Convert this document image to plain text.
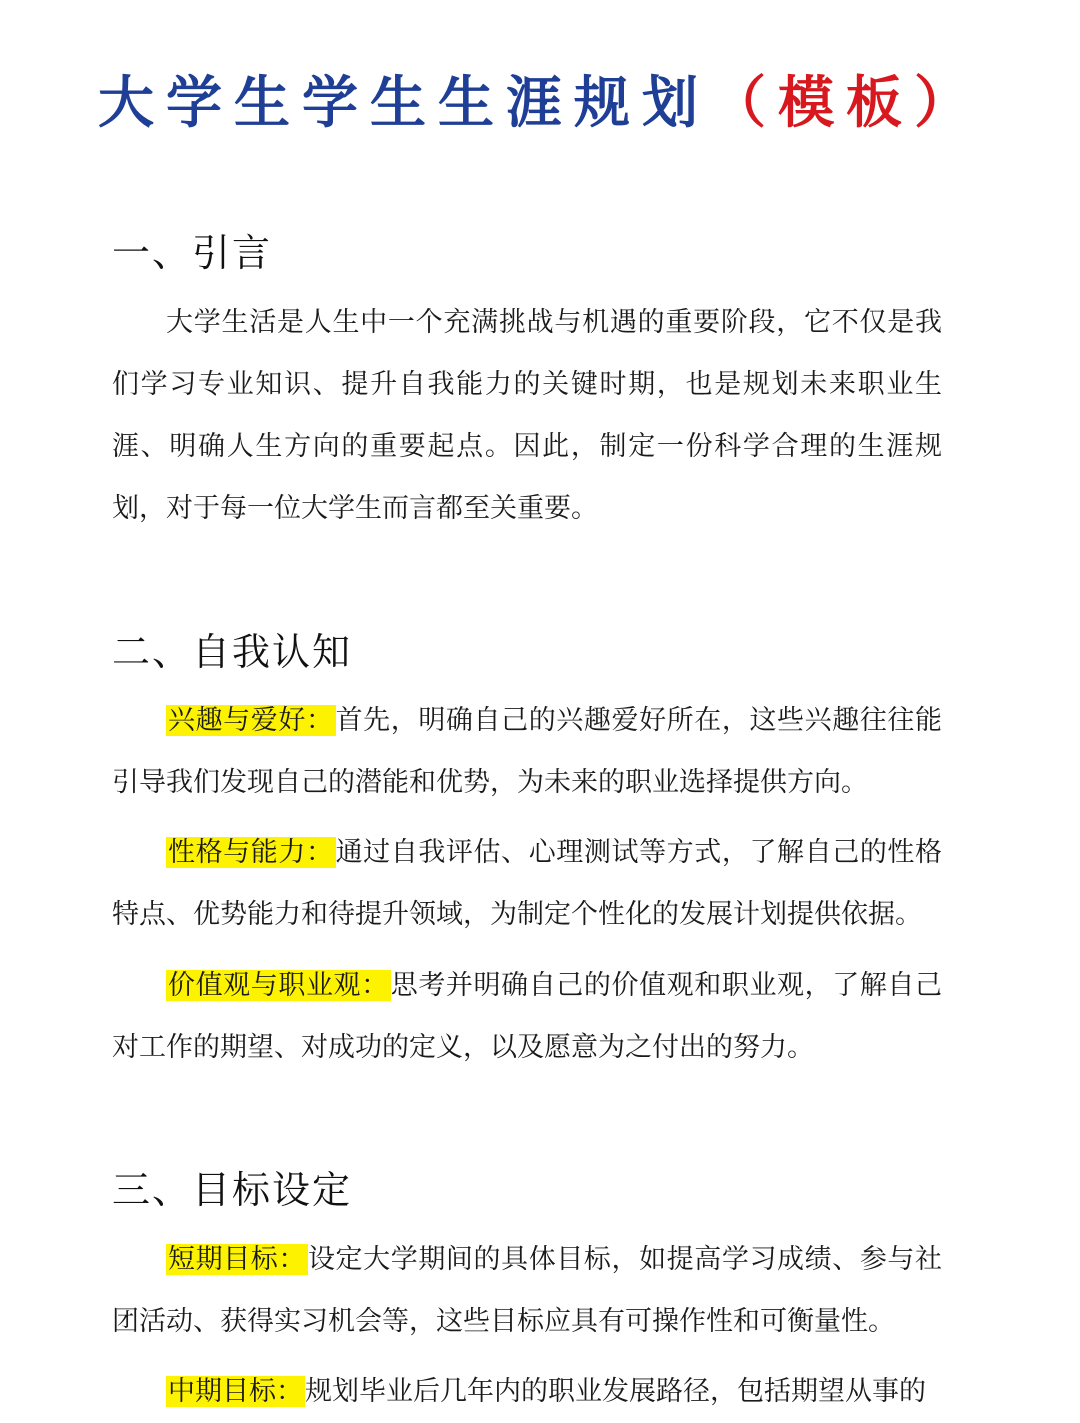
大学生学生生涯规划（模板）
一、引言

大学生活是人生中一个充满挑战与机遇的重要阶段，它不仅是我们学习专业知识、提升自我能力的关键时期，也是规划未来职业生涯、明确人生方向的重要起点。因此，制定一份科学合理的生涯规划，对于每一位大学生而言都至关重要。

二、自我认知

兴趣与爱好：首先，明确自己的兴趣爱好所在，这些兴趣往往能引导我们发现自己的潜能和优势，为未来的职业选择提供方向。

性格与能力：通过自我评估、心理测试等方式，了解自己的性格特点、优势能力和待提升领域，为制定个性化的发展计划提供依据。

价值观与职业观：思考并明确自己的价值观和职业观，了解自己对工作的期望、对成功的定义，以及愿意为之付出的努力。

三、目标设定

短期目标：设定大学期间的具体目标，如提高学习成绩、参与社团活动、获得实习机会等，这些目标应具有可操作性和可衡量性。

中期目标：规划毕业后几年内的职业发展路径，包括期望从事的
